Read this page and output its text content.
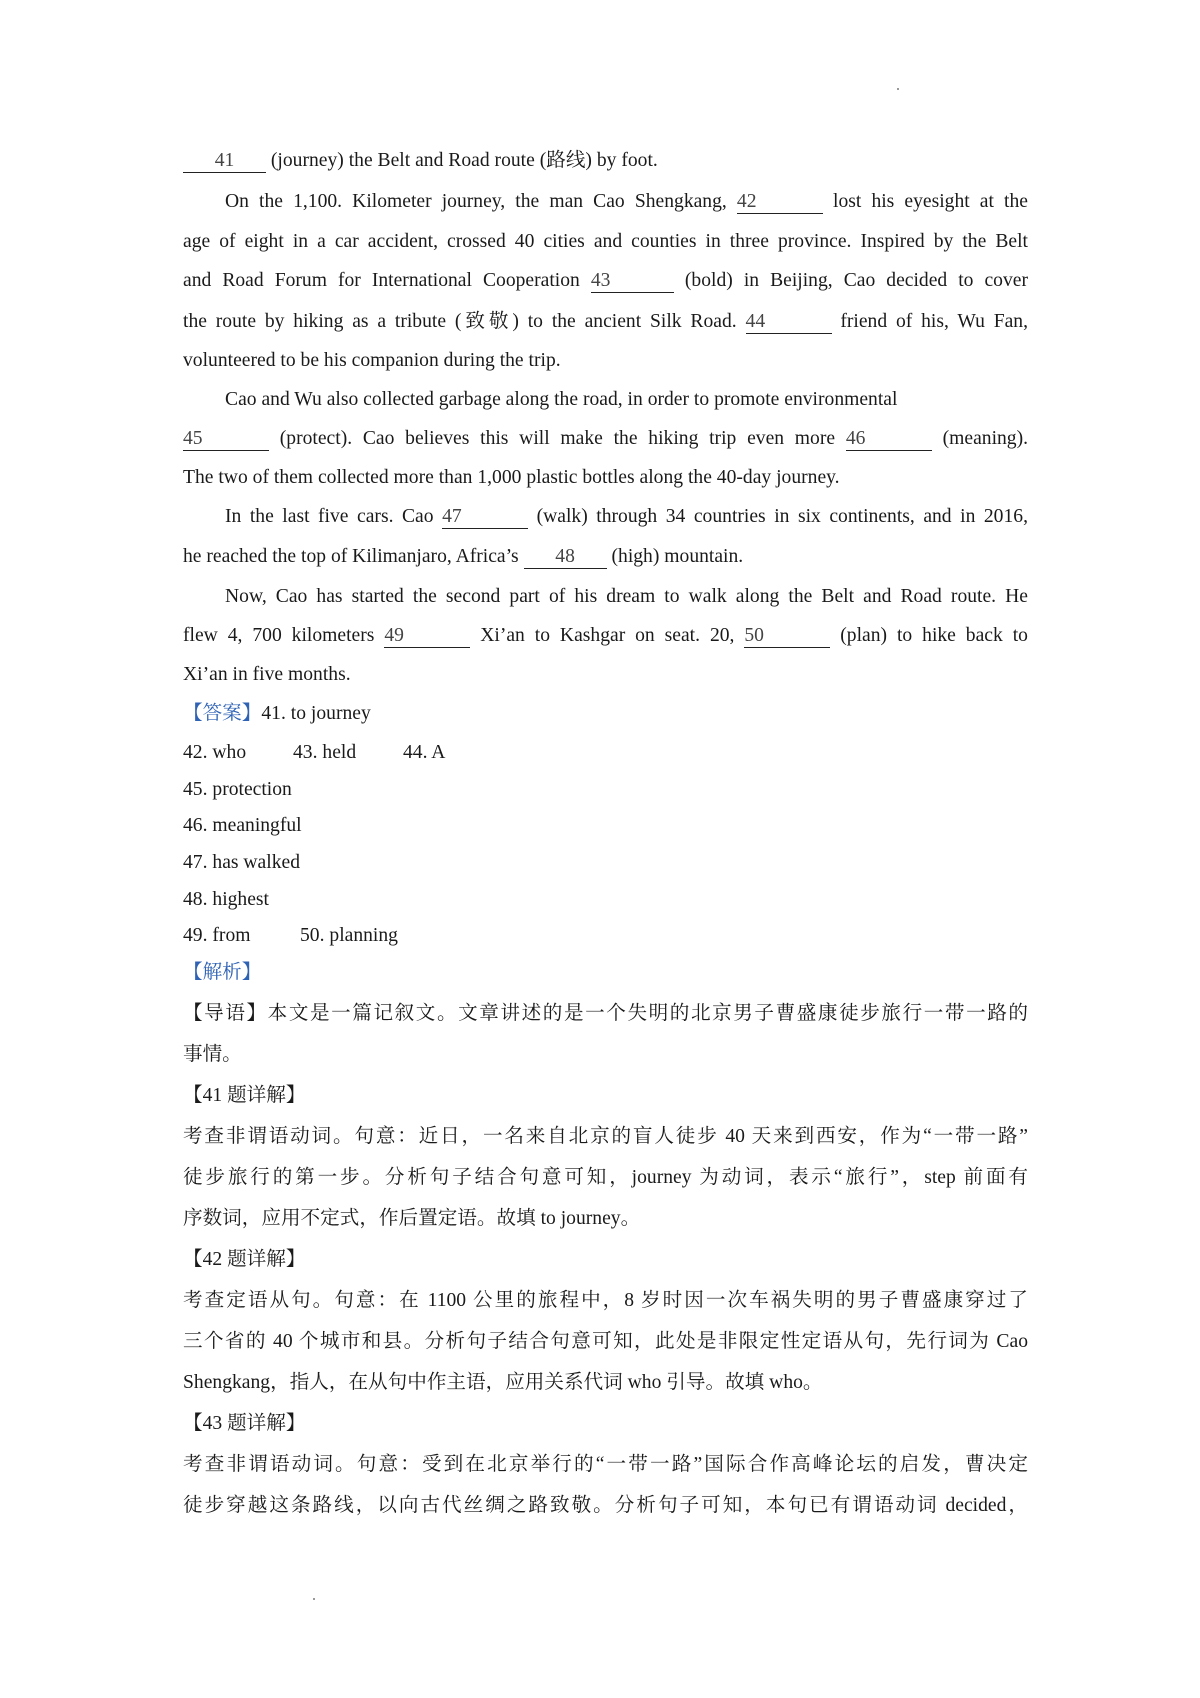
41 (journey) the Belt and Road route (路线) by foot.
On the 1,100. Kilometer journey, the man Cao Shengkang, 42	lost his eyesight at the
age of eight in a car accident, crossed 40 cities and counties in three province. Inspired by the Belt
and Road Forum for International Cooperation 43	(bold) in Beijing, Cao decided to cover
the route by hiking as a tribute (致敬) to the ancient Silk Road. 44	friend of his, Wu Fan,
volunteered to be his companion during the trip.
Cao and Wu also collected garbage along the road, in order to promote environmental
45	(protect). Cao believes this will make the hiking trip even more 46	(meaning).
The two of them collected more than 1,000 plastic bottles along the 40-day journey.
In the last five cars. Cao 47	(walk) through 34 countries in six continents, and in 2016,
he reached the top of Kilimanjaro, Africa’s 48 (high) mountain.
Now, Cao has started the second part of his dream to walk along the Belt and Road route. He
flew 4, 700 kilometers 49	Xi’an to Kashgar on seat. 20, 50	(plan) to hike back to
Xi’an in five months.
【答案】41. to journey
42. who 43. held 44. A
45. protection
46. meaningful
47. has walked
48. highest
49. from	50. planning
【解析】
【导语】本文是一篇记叙文。文章讲述的是一个失明的北京男子曹盛康徒步旅行一带一路的
事情。
【41 题详解】
考查非谓语动词。句意：近日，一名来自北京的盲人徒步 40 天来到西安，作为“一带一路”
徒步旅行的第一步。分析句子结合句意可知，journey 为动词，表示“旅行”，step 前面有
序数词，应用不定式，作后置定语。故填 to journey。
【42 题详解】
考查定语从句。句意：在 1100 公里的旅程中，8 岁时因一次车祸失明的男子曹盛康穿过了
三个省的 40 个城市和县。分析句子结合句意可知，此处是非限定性定语从句，先行词为 Cao
Shengkang，指人，在从句中作主语，应用关系代词 who 引导。故填 who。
【43 题详解】
考查非谓语动词。句意：受到在北京举行的“一带一路”国际合作高峰论坛的启发，曹决定
徒步穿越这条路线，以向古代丝绸之路致敬。分析句子可知，本句已有谓语动词 decided，
